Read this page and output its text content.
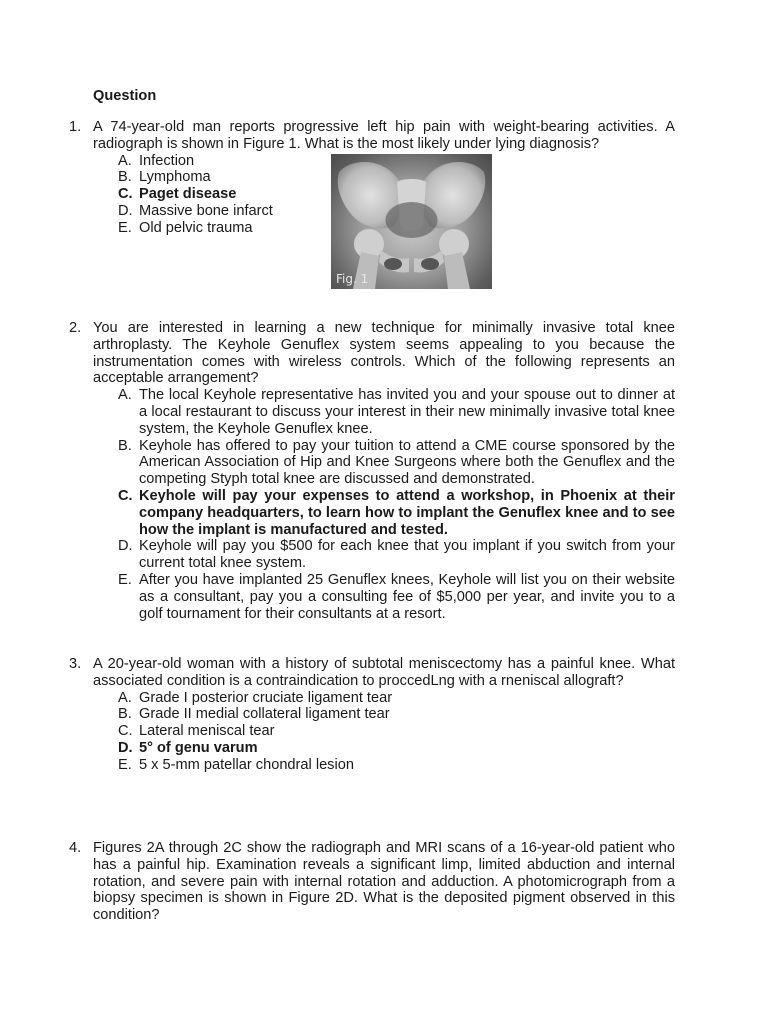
Question
1. A 74-year-old man reports progressive left hip pain with weight-bearing activities. A radiograph is shown in Figure 1. What is the most likely under lying diagnosis?
A. Infection
B. Lymphoma
C. Paget disease
D. Massive bone infarct
E. Old pelvic trauma
Fig. 1
2. You are interested in learning a new technique for minimally invasive total knee arthroplasty. The Keyhole Genuflex system seems appealing to you because the instrumentation comes with wireless controls. Which of the following represents an acceptable arrangement?
A. The local Keyhole representative has invited you and your spouse out to dinner at a local restaurant to discuss your interest in their new minimally invasive total knee system, the Keyhole Genuflex knee.
B. Keyhole has offered to pay your tuition to attend a CME course sponsored by the American Association of Hip and Knee Surgeons where both the Genuflex and the competing Styph total knee are discussed and demonstrated.
C. Keyhole will pay your expenses to attend a workshop, in Phoenix at their company headquarters, to learn how to implant the Genuflex knee and to see how the implant is manufactured and tested.
D. Keyhole will pay you $500 for each knee that you implant if you switch from your current total knee system.
E. After you have implanted 25 Genuflex knees, Keyhole will list you on their website as a consultant, pay you a consulting fee of $5,000 per year, and invite you to a golf tournament for their consultants at a resort.
3. A 20-year-old woman with a history of subtotal meniscectomy has a painful knee. What associated condition is a contraindication to proccedLng with a rneniscal allograft?
A. Grade I posterior cruciate ligament tear
B. Grade II medial collateral ligament tear
C. Lateral meniscal tear
D. 5° of genu varum
E. 5 x 5-mm patellar chondral lesion
4. Figures 2A through 2C show the radiograph and MRI scans of a 16-year-old patient who has a painful hip. Examination reveals a significant limp, limited abduction and internal rotation, and severe pain with internal rotation and adduction. A photomicrograph from a biopsy specimen is shown in Figure 2D. What is the deposited pigment observed in this condition?
